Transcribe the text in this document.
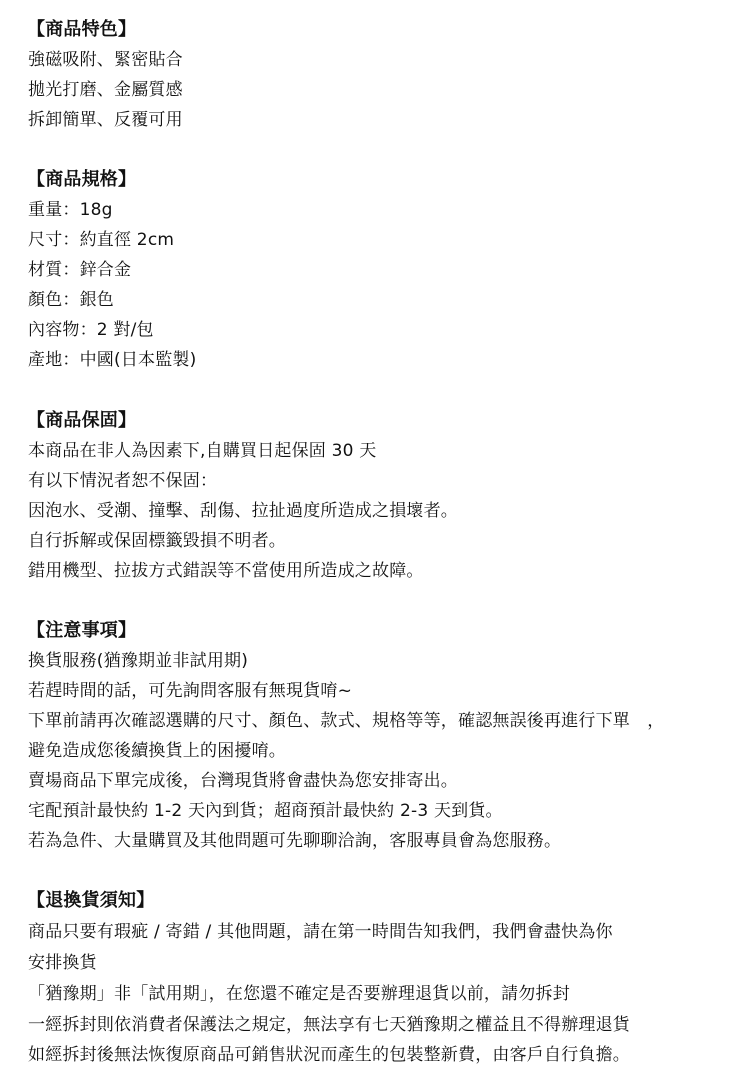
【商品特色】
強磁吸附、緊密貼合
拋光打磨、金屬質感
拆卸簡單、反覆可用
【商品規格】
重量：18g
尺寸：約直徑 2cm
材質：鋅合金
顏色：銀色
內容物：2 對/包
產地：中國(日本監製)
【商品保固】
本商品在非人為因素下,自購買日起保固 30 天
有以下情況者恕不保固：
因泡水、受潮、撞擊、刮傷、拉扯過度所造成之損壞者。
自行拆解或保固標籤毀損不明者。
錯用機型、拉拔方式錯誤等不當使用所造成之故障。
【注意事項】
換貨服務(猶豫期並非試用期)
若趕時間的話，可先詢問客服有無現貨唷~
下單前請再次確認選購的尺寸、顏色、款式、規格等等，確認無誤後再進行下單　，
避免造成您後續換貨上的困擾唷。
賣場商品下單完成後，台灣現貨將會盡快為您安排寄出。
宅配預計最快約 1-2 天內到貨；超商預計最快約 2-3 天到貨。
若為急件、大量購買及其他問題可先聊聊洽詢，客服專員會為您服務。
【退換貨須知】
商品只要有瑕疵 / 寄錯 / 其他問題，請在第一時間告知我們，我們會盡快為你
安排換貨
「猶豫期」非「試用期」，在您還不確定是否要辦理退貨以前，請勿拆封
一經拆封則依消費者保護法之規定，無法享有七天猶豫期之權益且不得辦理退貨
如經拆封後無法恢復原商品可銷售狀況而產生的包裝整新費，由客戶自行負擔。
